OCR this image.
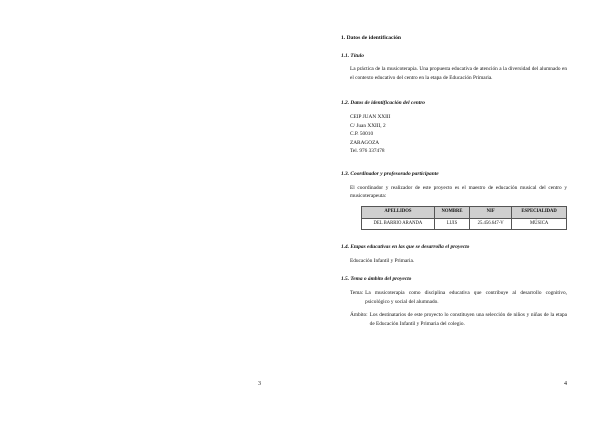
3
1. Datos de identificación
1.1. Título
La práctica de la musicoterapia. Una propuesta educativa de atención a la diversidad del alumnado en el contexto educativo del centro en la etapa de Educación Primaria.
1.2. Datos de identificación del centro
CEIP JUAN XXIII
C/ Juan XXIII, 2
C.P. 50010
ZARAGOZA
Tel. 976 337478
1.3. Coordinador y profesorado participante
El coordinador y realizador de este proyecto es el maestro de educación musical del centro y musicoterapeuta:
APELLIDOS	NOMBRE	NIF	ESPECIALIDAD
DEL BARRIO ARANDA	LUIS	25.456.647-V	MÚSICA
1.4. Etapas educativas en las que se desarrolla el proyecto
Educación Infantil y Primaria.
1.5. Tema o ámbito del proyecto
Tema: La musicoterapia como disciplina educativa que contribuye al desarrollo cognitivo, psicológico y social del alumnado.
Ámbito: Los destinatarios de este proyecto lo constituyen una selección de niños y niñas de la etapa de Educación Infantil y Primaria del colegio.
4
